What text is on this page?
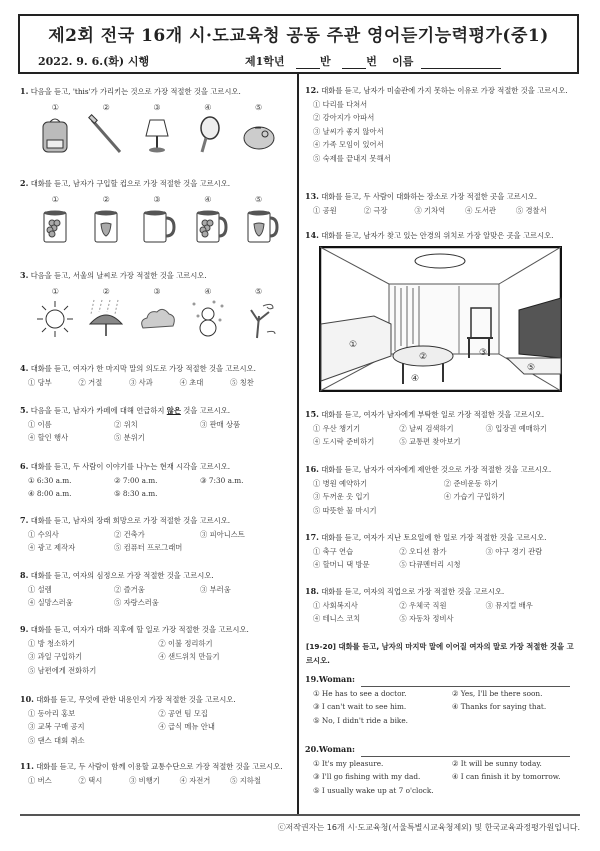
제2회 전국 16개 시·도교육청 공동 주관 영어듣기능력평가(중1)
2022. 9. 6.(화) 시행	제1학년	반	번 이름
1. 다음을 듣고, 'this'가 가리키는 것으로 가장 적절한 것을 고르시오.
①	②	③	④	⑤
2. 대화를 듣고, 남자가 구입할 컵으로 가장 적절한 것을 고르시오.
①	②	③	④	⑤
3. 다음을 듣고, 서울의 날씨로 가장 적절한 것을 고르시오.
①	②	③	④	⑤
4. 대화를 듣고, 여자가 한 마지막 말의 의도로 가장 적절한 것을 고르시오.
① 당부	② 거절	③ 사과	④ 초대	⑤ 칭찬
5. 다음을 듣고, 남자가 카페에 대해 언급하지 않은 것을 고르시오.
① 이름	② 위치	③ 판매 상품
④ 할인 행사	⑤ 분위기
6. 대화를 듣고, 두 사람이 이야기를 나누는 현재 시각을 고르시오.
① 6:30 a.m.	② 7:00 a.m.	③ 7:30 a.m.
④ 8:00 a.m.	⑤ 8:30 a.m.
7. 대화를 듣고, 남자의 장래 희망으로 가장 적절한 것을 고르시오.
① 수의사	② 건축가	③ 피아니스트
④ 광고 제작자	⑤ 컴퓨터 프로그래머
8. 대화를 듣고, 여자의 심정으로 가장 적절한 것을 고르시오.
① 설렘	② 즐거움	③ 부러움
④ 실망스러움	⑤ 자랑스러움
9. 대화를 듣고, 여자가 대화 직후에 할 일로 가장 적절한 것을 고르시오.
① 방 청소하기	② 이불 정리하기
③ 과일 구입하기	④ 샌드위치 만들기
⑤ 남편에게 전화하기
10. 대화를 듣고, 무엇에 관한 내용인지 가장 적절한 것을 고르시오.
① 동아리 홍보	② 공연 팀 모집
③ 교복 구매 공지	④ 급식 메뉴 안내
⑤ 댄스 대회 취소
11. 대화를 듣고, 두 사람이 함께 이용할 교통수단으로 가장 적절한 것을 고르시오.
① 버스	② 택시	③ 비행기	④ 자전거	⑤ 지하철
12. 대화를 듣고, 남자가 미술관에 가지 못하는 이유로 가장 적절한 것을 고르시오.
① 다리를 다쳐서
② 강아지가 아파서
③ 날씨가 좋지 않아서
④ 가족 모임이 있어서
⑤ 숙제를 끝내지 못해서
13. 대화를 듣고, 두 사람이 대화하는 장소로 가장 적절한 곳을 고르시오.
① 공원	② 극장	③ 기차역	④ 도서관	⑤ 경찰서
14. 대화를 듣고, 남자가 찾고 있는 안경의 위치로 가장 알맞은 곳을 고르시오.
15. 대화를 듣고, 여자가 남자에게 부탁한 일로 가장 적절한 것을 고르시오.
① 우산 챙기기	② 날씨 검색하기	③ 입장권 예매하기
④ 도시락 준비하기	⑤ 교통편 찾아보기
16. 대화를 듣고, 남자가 여자에게 제안한 것으로 가장 적절한 것을 고르시오.
① 병원 예약하기	② 준비운동 하기
③ 두꺼운 옷 입기	④ 가습기 구입하기
⑤ 따뜻한 물 마시기
17. 대화를 듣고, 여자가 지난 토요일에 한 일로 가장 적절한 것을 고르시오.
① 축구 연습	② 오디션 참가	③ 야구 경기 관람
④ 할머니 댁 방문	⑤ 다큐멘터리 시청
18. 대화를 듣고, 여자의 직업으로 가장 적절한 것을 고르시오.
① 사회복지사	② 우체국 직원	③ 뮤지컬 배우
④ 테니스 코치	⑤ 자동차 정비사
19. Woman:
① He has to see a doctor.	② Yes, I'll be there soon.
③ I can't wait to see him.	④ Thanks for saying that.
⑤ No, I didn't ride a bike.
20. Woman:
① It's my pleasure.	② It will be sunny today.
③ I'll go fishing with my dad.	④ I can finish it by tomorrow.
⑤ I usually wake up at 7 o'clock.
[19-20] 대화를 듣고, 남자의 마지막 말에 이어질 여자의 말로 가장 적절한 것을 고르시오.
①
②	③
④
⑤
ⓒ저작권자는 16개 시·도교육청(서울특별시교육청제외) 및 한국교육과정평가원입니다.
